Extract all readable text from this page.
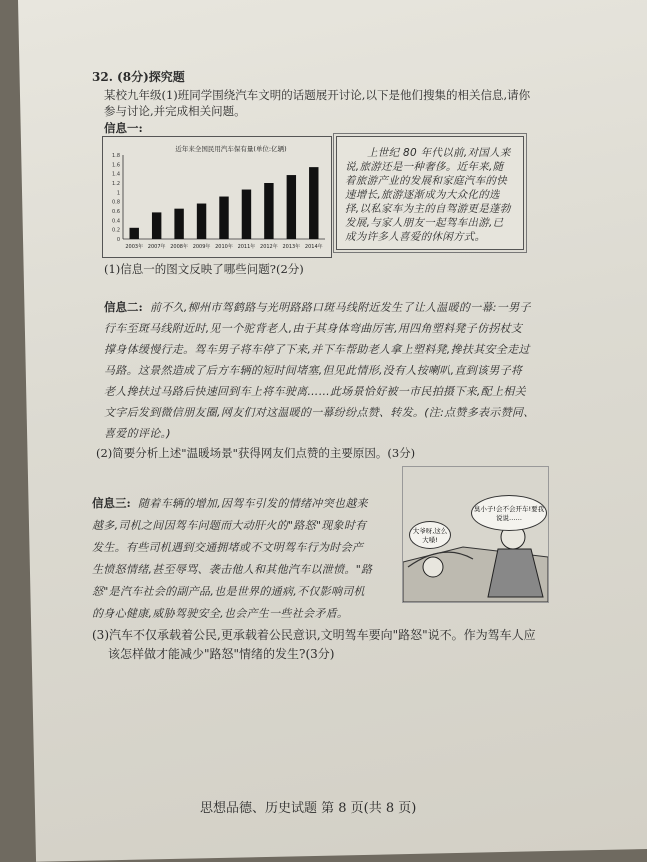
32. (8分)探究题
某校九年级(1)班同学围绕汽车文明的话题展开讨论,以下是他们搜集的相关信息,请你
参与讨论,并完成相关问题。
信息一:
近年来全国民用汽车保有量(单位:亿辆)
0
0.2
0.4
0.6
0.8
1
1.2
1.4
1.6
1.8
2003年 2007年 2008年 2009年 2010年 2011年 2012年 2013年 2014年
上世纪 80 年代以前,对国人来
说,旅游还是一种奢侈。近年来,随
着旅游产业的发展和家庭汽车的快
速增长,旅游逐渐成为大众化的选
择,以私家车为主的自驾游更是蓬勃
发展,与家人朋友一起驾车出游,已
成为许多人喜爱的休闲方式。
(1)信息一的图文反映了哪些问题?(2分)
信息二: 前不久,柳州市驾鹤路与光明路路口斑马线附近发生了让人温暖的一幕:一男子
行车至斑马线附近时,见一个驼背老人,由于其身体弯曲厉害,用四角塑料凳子仿拐杖支
撑身体缓慢行走。驾车男子将车停了下来,并下车帮助老人拿上塑料凳,搀扶其安全走过
马路。这景然造成了后方车辆的短时间堵塞,但见此情形,没有人按喇叭,直到该男子将
老人搀扶过马路后快速回到车上将车驶离……此场景恰好被一市民拍摄下来,配上相关
文字后发到微信朋友圈,网友们对这温暖的一幕纷纷点赞、转发。(注:点赞多表示赞同、
喜爱的评论。)
(2)简要分析上述"温暖场景"获得网友们点赞的主要原因。(3分)
信息三: 随着车辆的增加,因驾车引发的情绪冲突也越来
越多,司机之间因驾车问题而大动肝火的"路怒"现象时有
发生。有些司机遇到交通拥堵或不文明驾车行为时会产
生愤怒情绪,甚至辱骂、袭击他人和其他汽车以泄愤。"路
怒"是汽车社会的副产品,也是世界的通病,不仅影响司机
的身心健康,威胁驾驶安全,也会产生一些社会矛盾。
大爷呀,这么大嗓!
臭小子!会不会开车!要我说说……
(3)汽车不仅承载着公民,更承载着公民意识,文明驾车要向"路怒"说不。作为驾车人应
该怎样做才能减少"路怒"情绪的发生?(3分)
思想品德、历史试题 第 8 页(共 8 页)
